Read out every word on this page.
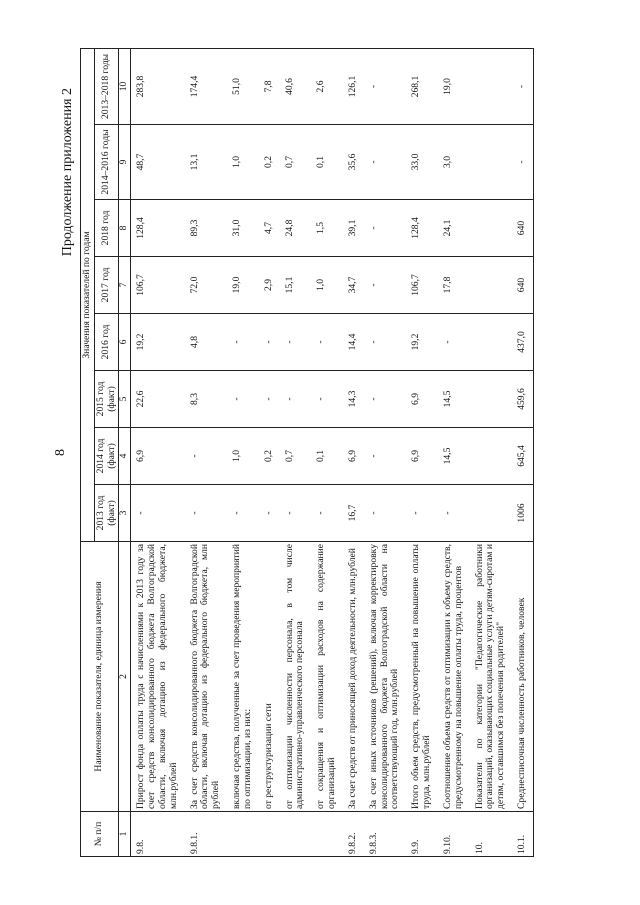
8
Продолжение приложения 2
№ п/п	Наименование показателя, единица измерения	Значения показателей по годам							
		2013 год (факт)	2014 год (факт)	2015 год (факт)	2016 год	2017 год	2018 год	2014–2016 годы	2013–2018 годы
1	2	3	4	5	6	7	8	9	10
9.8.	Прирост фонда оплаты труда с начислениями к 2013 году за счет средств консолидированного бюджета Волгоградской области, включая дотацию из федерального бюджета, млн.рублей	-	6,9	22,6	19,2	106,7	128,4	48,7	283,8
9.8.1.	За счет средств консолидированного бюджета Волгоградской области, включая дотацию из федерального бюджета, млн рублей	-	-	8,3	4,8	72,0	89,3	13,1	174,4
	включая средства, полученные за счет проведения мероприятий по оптимизации, из них:	-	1,0	-	-	19,0	31,0	1,0	51,0
	от реструктуризации сети	-	0,2	-	-	2,9	4,7	0,2	7,8
	от оптимизации численности персонала, в том числе административно-управленческого персонала	-	0,7	-	-	15,1	24,8	0,7	40,6
	от сокращения и оптимизации расходов на содержание организаций	-	0,1	-	-	1,0	1,5	0,1	2,6
9.8.2.	За счет средств от приносящей доход деятельности, млн.рублей	16,7	6,9	14,3	14,4	34,7	39,1	35,6	126,1
9.8.3.	За счет иных источников (решений), включая корректировку консолидированного бюджета Волгоградской области на соответствующий год, млн.рублей	-	-	-	-	-	-	-	-
9.9.	Итого объем средств, предусмотренный на повышение оплаты труда, млн.рублей	-	6,9	6,9	19,2	106,7	128,4	33,0	268,1
9.10.	Соотношение объема средств от оптимизации к объему средств, предусмотренному на повышение оплаты труда, процентов	-	14,5	14,5	-	17,8	24,1	3,0	19,0
10.	Показатели по категории "Педагогические работники организаций, оказывающих социальные услуги детям-сиротам и детям, оставшимся без попечения родителей"								
10.1.	Среднесписочная численность работников, человек	1006	645,4	459,6	437,0	640	640	-	-
